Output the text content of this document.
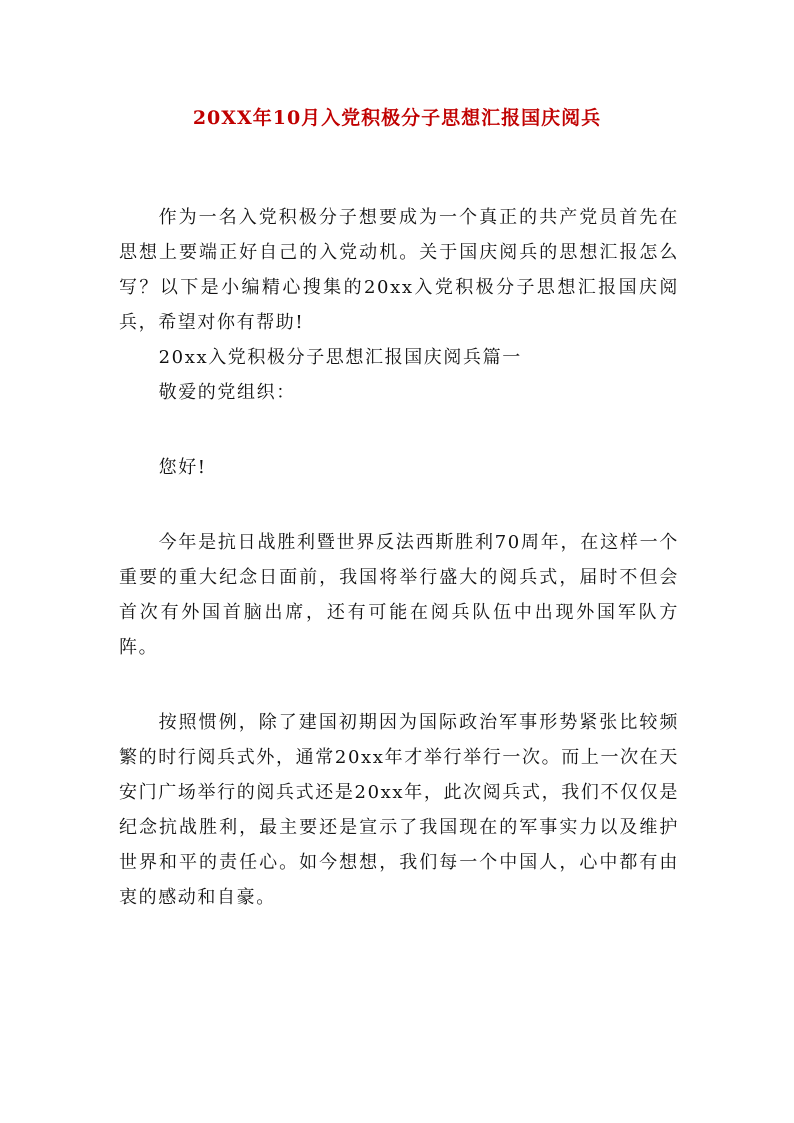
20XX年10月入党积极分子思想汇报国庆阅兵

作为一名入党积极分子想要成为一个真正的共产党员首先在思想上要端正好自己的入党动机。关于国庆阅兵的思想汇报怎么写？以下是小编精心搜集的20xx入党积极分子思想汇报国庆阅兵，希望对你有帮助!

20xx入党积极分子思想汇报国庆阅兵篇一

敬爱的党组织：

您好!

今年是抗日战胜利暨世界反法西斯胜利70周年，在这样一个重要的重大纪念日面前，我国将举行盛大的阅兵式，届时不但会首次有外国首脑出席，还有可能在阅兵队伍中出现外国军队方阵。

按照惯例，除了建国初期因为国际政治军事形势紧张比较频繁的时行阅兵式外，通常20xx年才举行举行一次。而上一次在天安门广场举行的阅兵式还是20xx年，此次阅兵式，我们不仅仅是纪念抗战胜利，最主要还是宣示了我国现在的军事实力以及维护世界和平的责任心。如今想想，我们每一个中国人，心中都有由衷的感动和自豪。
